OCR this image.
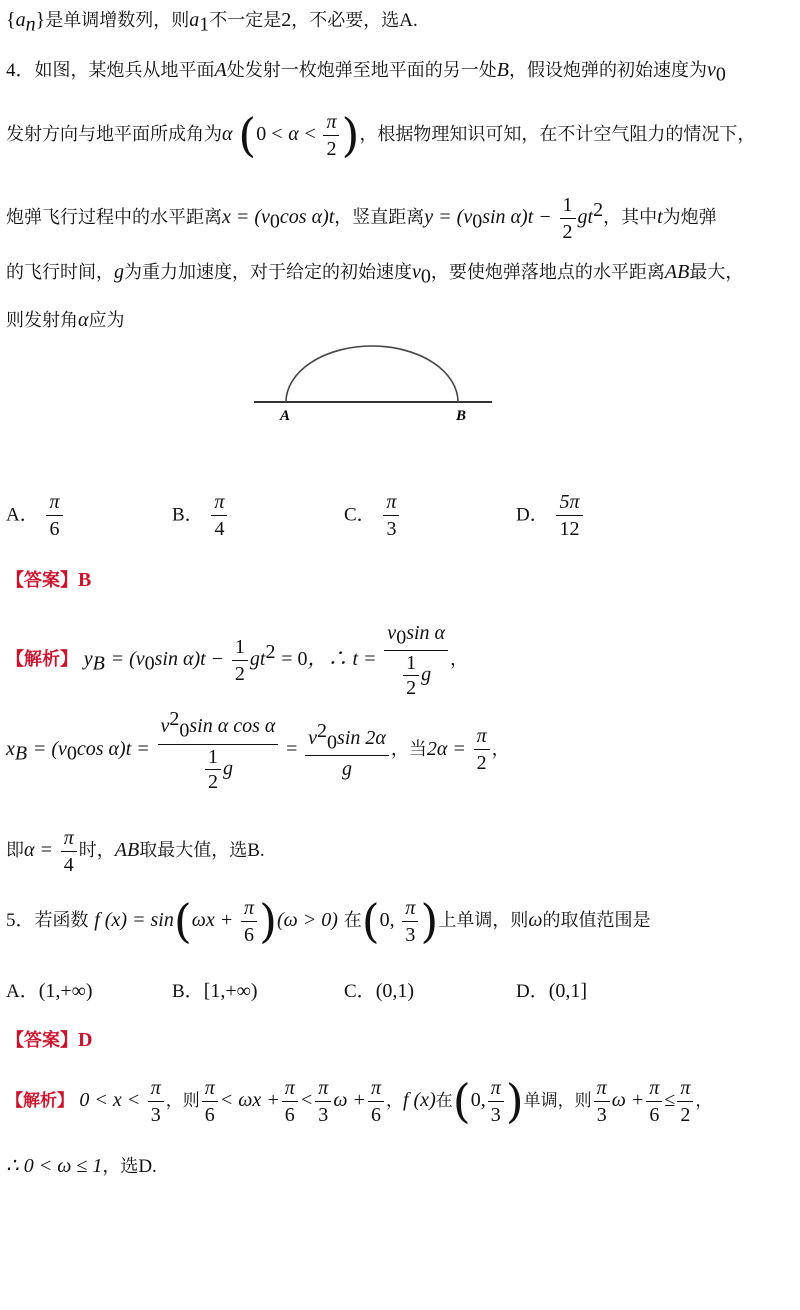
$\{a_n\}$是单调增数列，则$a_1$不一定是2，不必要，选A.
4．如图，某炮兵从地平面A处发射一枚炮弹至地平面的另一处B，假设炮弹的初始速度为$v_0$
发射方向与地平面所成角为α ($0 < \alpha < \frac{\pi}{2}$ )，根据物理知识可知，在不计空气阻力的情况下，
炮弹飞行过程中的水平距离$x = (v_0\cos$ α)t，竖直距离$y = (v_0\sin$ $\alpha)t - \frac{1}{2} gt^2$，其中t为炮弹
的飞行时间，g为重力加速度，对于给定的初始速度$v_0$，要使炮弹落地点的水平距离AB最大，
则发射角α应为
A	B
A． $\frac{\pi}{6}$	B． $\frac{\pi}{4}$	C． $\frac{\pi}{3}$	D． $\frac{5\pi}{12}$
【答案】B
【解析】 $y_B = (v_0\sin$ $\alpha)t - \frac{1}{2} gt^2 = 0$，∴ $t = \frac{v_0\sin \alpha}{\frac{1}{2} g}$ ，
$x_B = (v_0\cos$ $\alpha)t = \frac{v^2_0\sin \alpha \cos \alpha}{\frac{1}{2} g} = \frac{v^2_0\sin 2\alpha}{g}$ ，当$2\alpha = \frac{\pi}{2}$ ，
即$\alpha = \frac{\pi}{4}$ 时，AB取最大值，选B.
5．若函数 f $(x) = \sin(\omega x + \frac{\pi}{6} )(\omega > 0)$ 在(0, $\frac{\pi}{3}$ )上单调，则ω的取值范围是
A．(1,+∞)	B．[1,+∞)	C．(0,1)	D．(0,1]
【答案】D
【解析】 $0 < x < \frac{\pi}{3}$ ，则 $\frac{\pi}{6} < \omega x + \frac{\pi}{6} < \frac{\pi}{3}$ $\omega + \frac{\pi}{6}$ ，f (x)在(0, $\frac{\pi}{3}$ )单调，则 $\frac{\pi}{3}$ $\omega + \frac{\pi}{6} \le \frac{\pi}{2}$ ，
∴ 0 < ω ≤ 1，选D.
